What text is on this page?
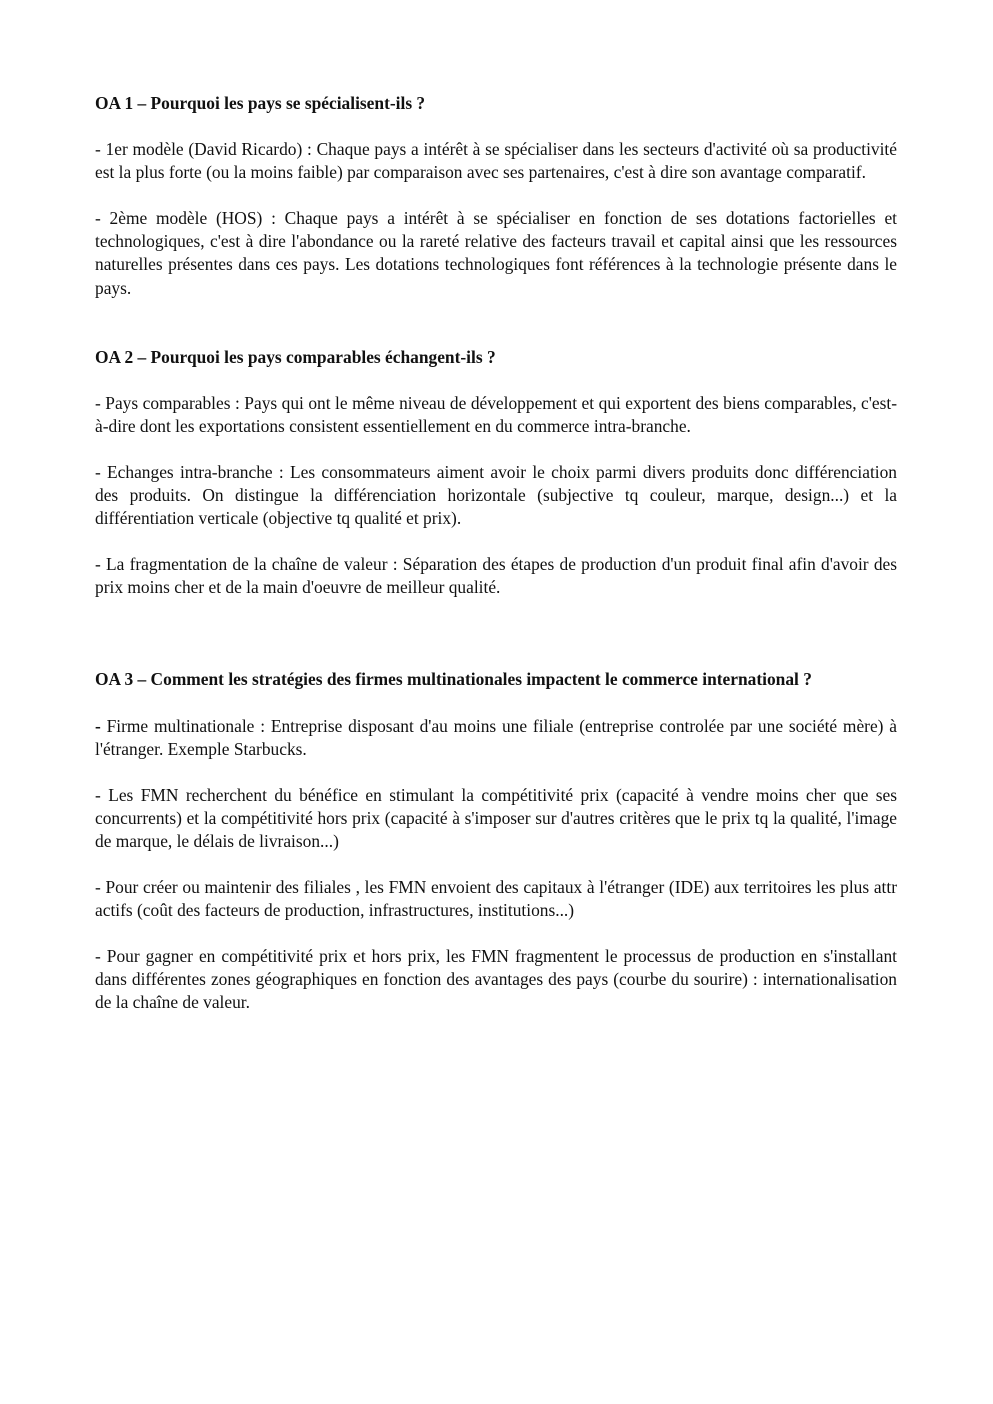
OA 1 – Pourquoi les pays se spécialisent-ils ?

- 1er modèle (David Ricardo) : Chaque pays a intérêt à se spécialiser dans les secteurs d'activité où sa productivité est la plus forte (ou la moins faible) par comparaison avec ses partenaires, c'est à dire son avantage comparatif.

- 2ème modèle (HOS) : Chaque pays a intérêt à se spécialiser en fonction de ses dotations factorielles et technologiques, c'est à dire l'abondance ou la rareté relative des facteurs travail et capital ainsi que les ressources naturelles présentes dans ces pays. Les dotations technologiques font références à la technologie présente dans le pays.

OA 2 – Pourquoi les pays comparables échangent-ils ?

- Pays comparables : Pays qui ont le même niveau de développement et qui exportent des biens comparables, c'est-à-dire dont les exportations consistent essentiellement en du commerce intra-branche.

- Echanges intra-branche : Les consommateurs aiment avoir le choix parmi divers produits donc différenciation des produits. On distingue la différenciation horizontale (subjective tq couleur, marque, design...) et la différentiation verticale (objective tq qualité et prix).

- La fragmentation de la chaîne de valeur : Séparation des étapes de production d'un produit final afin d'avoir des prix moins cher et de la main d'oeuvre de meilleur qualité.

OA 3 – Comment les stratégies des firmes multinationales impactent le commerce international ?

- Firme multinationale : Entreprise disposant d'au moins une filiale (entreprise controlée par une société mère) à l'étranger. Exemple Starbucks.

- Les FMN recherchent du bénéfice en stimulant la compétitivité prix (capacité à vendre moins cher que ses concurrents) et la compétitivité hors prix (capacité à s'imposer sur d'autres critères que le prix tq la qualité, l'image de marque, le délais de livraison...)

- Pour créer ou maintenir des filiales , les FMN envoient des capitaux à l'étranger (IDE) aux territoires les plus attr actifs (coût des facteurs de production, infrastructures, institutions...)

- Pour gagner en compétitivité prix et hors prix, les FMN fragmentent le processus de production en s'installant dans différentes zones géographiques en fonction des avantages des pays (courbe du sourire) : internationalisation de la chaîne de valeur.
